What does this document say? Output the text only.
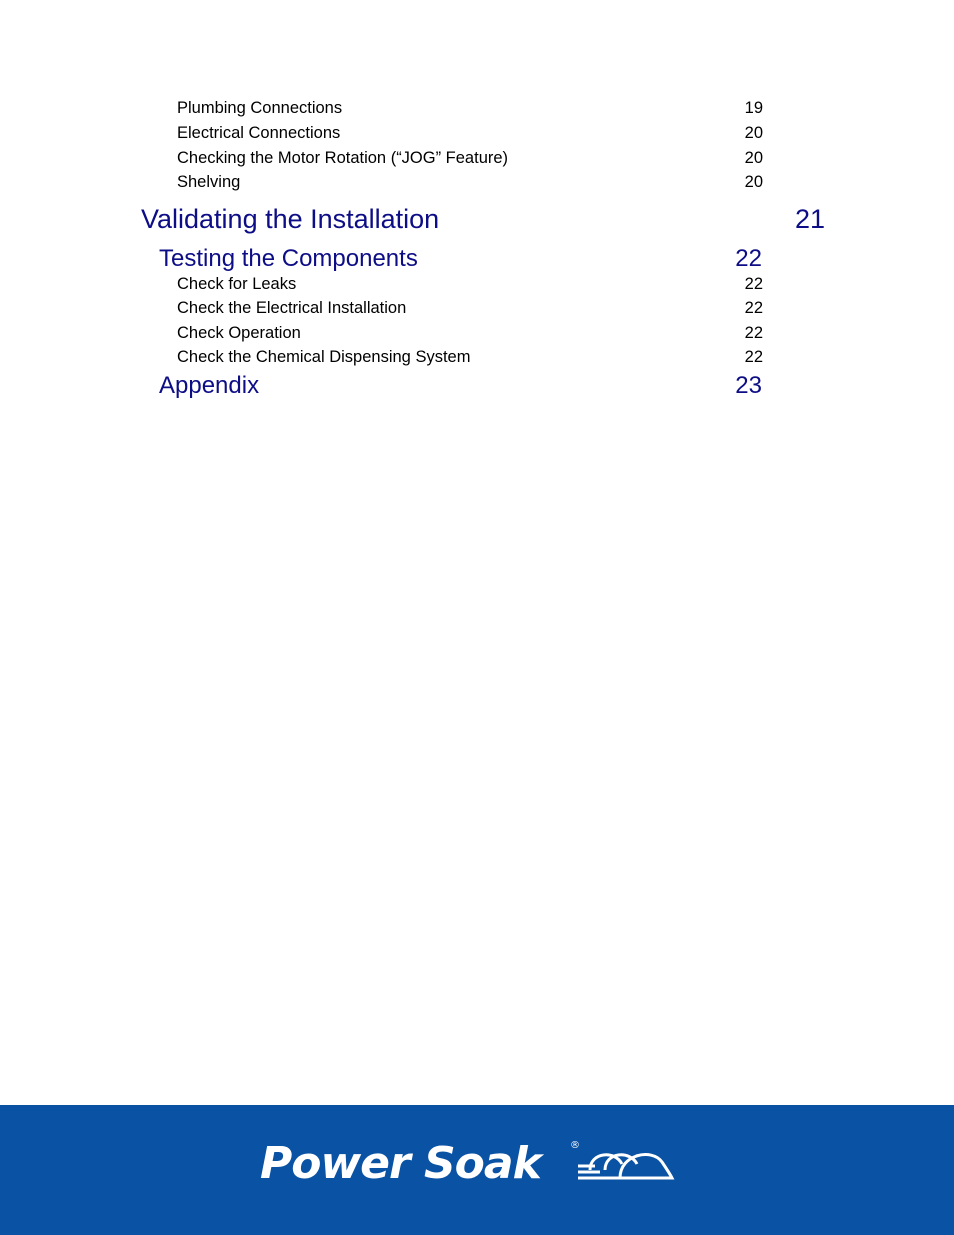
Plumbing Connections	19
Electrical Connections	20
Checking the Motor Rotation (“JOG” Feature)	20
Shelving	20
Validating the Installation	21
Testing the Components	22
Check for Leaks	22
Check the Electrical Installation	22
Check Operation	22
Check the Chemical Dispensing System	22
Appendix	23
Power Soak	®
